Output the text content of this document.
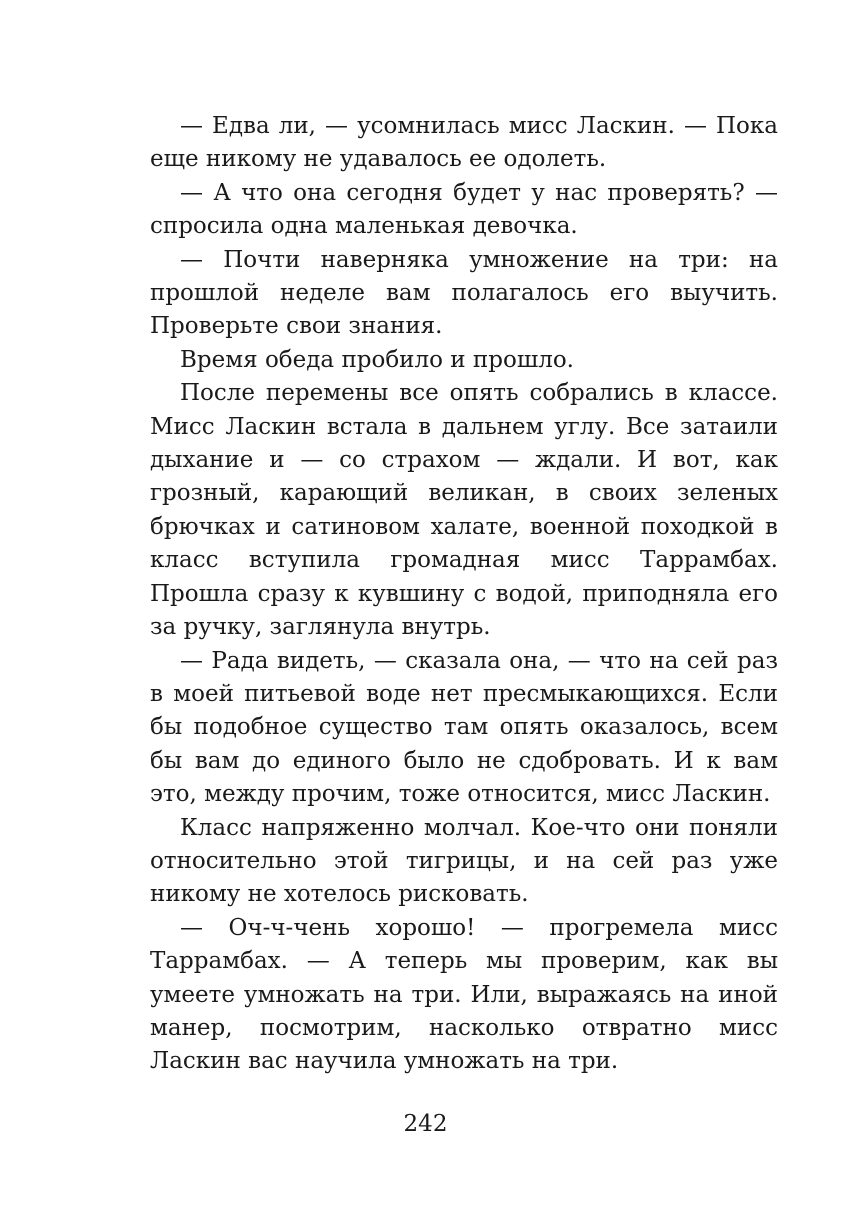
— Едва ли, — усомнилась мисс Ласкин. — Пока еще никому не удавалось ее одолеть.

— А что она сегодня будет у нас проверять? — спросила одна маленькая девочка.

— Почти наверняка умножение на три: на прошлой неделе вам полагалось его выучить. Проверьте свои знания.

Время обеда пробило и прошло.

После перемены все опять собрались в классе. Мисс Ласкин встала в дальнем углу. Все затаили дыхание и — со страхом — ждали. И вот, как грозный, карающий великан, в своих зеленых брючках и сатиновом халате, военной походкой в класс вступила громадная мисс Таррамбах. Прошла сразу к кувшину с водой, приподняла его за ручку, заглянула внутрь.

— Рада видеть, — сказала она, — что на сей раз в моей питьевой воде нет пресмыкающихся. Если бы подобное существо там опять оказалось, всем бы вам до единого было не сдобровать. И к вам это, между прочим, тоже относится, мисс Ласкин.

Класс напряженно молчал. Кое-что они поняли относительно этой тигрицы, и на сей раз уже никому не хотелось рисковать.

— Оч-ч-чень хорошо! — прогремела мисс Таррамбах. — А теперь мы проверим, как вы умеете умножать на три. Или, выражаясь на иной манер, посмотрим, насколько отвратно мисс Ласкин вас научила умножать на три.

242
